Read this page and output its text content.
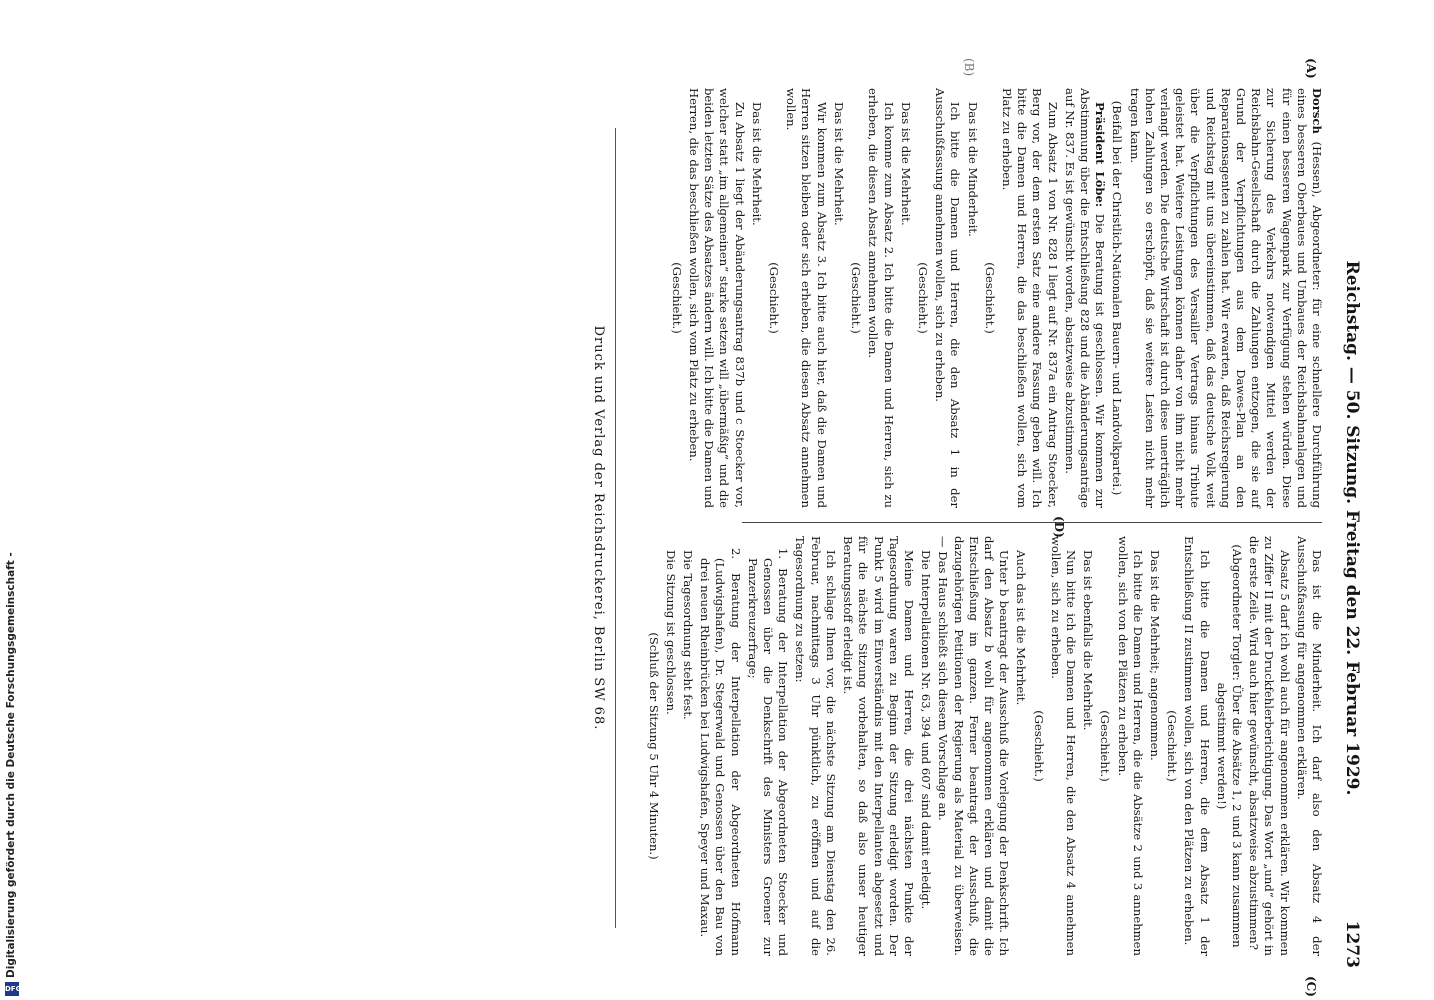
Reichstag. — 50. Sitzung. Freitag den 22. Februar 1929.
1273
(A)
(B)
(C)
(D)

Dorsch (Hessen), Abgeordneter: für eine schnellere Durchführung eines besseren Oberbaues und Umbaues der Reichsbahnanlagen und für einen besseren Wagenpark zur Verfügung stehen würden. Diese zur Sicherung des Verkehrs notwendigen Mittel werden der Reichsbahn-Gesellschaft durch die Zahlungen entzogen, die sie auf Grund der Verpflichtungen aus dem Dawes-Plan an den Reparationsagenten zu zahlen hat. Wir erwarten, daß Reichsregierung und Reichstag mit uns übereinstimmen, daß das deutsche Volk weit über die Verpflichtungen des Versailler Vertrags hinaus Tribute geleistet hat. Weitere Leistungen können daher von ihm nicht mehr verlangt werden. Die deutsche Wirtschaft ist durch diese unerträglich hohen Zahlungen so erschöpft, daß sie weitere Lasten nicht mehr tragen kann.

(Beifall bei der Christlich-Nationalen Bauern- und Landvolkpartei.)

Präsident Löbe: Die Beratung ist geschlossen. Wir kommen zur Abstimmung über die Entschließung 828 und die Abänderungsanträge auf Nr. 837. Es ist gewünscht worden, absatzweise abzustimmen.

Zum Absatz 1 von Nr. 828 I liegt auf Nr. 837a ein Antrag Stoecker, Berg vor, der dem ersten Satz eine andere Fassung geben will. Ich bitte die Damen und Herren, die das beschließen wollen, sich vom Platz zu erheben.

(Geschieht.)

Das ist die Minderheit.

Ich bitte die Damen und Herren, die den Absatz 1 in der Ausschußfassung annehmen wollen, sich zu erheben.

(Geschieht.)

Das ist die Mehrheit.

Ich komme zum Absatz 2. Ich bitte die Damen und Herren, sich zu erheben, die diesen Absatz annehmen wollen.

(Geschieht.)

Das ist die Mehrheit.

Wir kommen zum Absatz 3. Ich bitte auch hier, daß die Damen und Herren sitzen bleiben oder sich erheben, die diesen Absatz annehmen wollen.

(Geschieht.)

Das ist die Mehrheit.

Zu Absatz 1 liegt der Abänderungsantrag 837b und c Stoecker vor, welcher statt „im allgemeinen“ starke setzen will „übermäßig“ und die beiden letzten Sätze des Absatzes ändern will. Ich bitte die Damen und Herren, die das beschließen wollen, sich vom Platz zu erheben.

(Geschieht.)

Das ist die Minderheit. Ich darf also den Absatz 4 der Ausschußfassung für angenommen erklären.

Absatz 5 darf ich wohl auch für angenommen erklären. Wir kommen zu Ziffer II mit der Druckfehlerberichtigung. Das Wort „und“ gehört in die erste Zeile. Wird auch hier gewünscht, absatzweise abzustimmen?

(Abgeordneter Torgler: Über die Absätze 1, 2 und 3 kann zusammen abgestimmt werden!)

Ich bitte die Damen und Herren, die dem Absatz 1 der Entschließung II zustimmen wollen, sich von den Plätzen zu erheben.

(Geschieht.)

Das ist die Mehrheit; angenommen.

Ich bitte die Damen und Herren, die die Absätze 2 und 3 annehmen wollen, sich von den Plätzen zu erheben.

(Geschieht.)

Das ist ebenfalls die Mehrheit.

Nun bitte ich die Damen und Herren, die den Absatz 4 annehmen wollen, sich zu erheben.

(Geschieht.)

Auch das ist die Mehrheit.

Unter b beantragt der Ausschuß die Vorlegung der Denkschrift. Ich darf den Absatz b wohl für angenommen erklären und damit die Entschließung im ganzen. Ferner beantragt der Ausschuß, die dazugehörigen Petitionen der Regierung als Material zu überweisen. — Das Haus schließt sich diesem Vorschlage an.

Die Interpellationen Nr. 63, 394 und 607 sind damit erledigt.

Meine Damen und Herren, die drei nächsten Punkte der Tagesordnung waren zu Beginn der Sitzung erledigt worden. Der Punkt 5 wird im Einverständnis mit den Interpellanten abgesetzt und für die nächste Sitzung vorbehalten, so daß also unser heutiger Beratungsstoff erledigt ist.

Ich schlage Ihnen vor, die nächste Sitzung am Dienstag den 26. Februar, nachmittags 3 Uhr pünktlich, zu eröffnen und auf die Tagesordnung zu setzen:

1. Beratung der Interpellation der Abgeordneten Stoecker und Genossen über die Denkschrift des Ministers Groener zur Panzerkreuzerfrage;

2. Beratung der Interpellation der Abgeordneten Hofmann (Ludwigshafen), Dr. Stegerwald und Genossen über den Bau von drei neuen Rheinbrücken bei Ludwigshafen, Speyer und Maxau.

Die Tagesordnung steht fest.

Die Sitzung ist geschlossen.

(Schluß der Sitzung 5 Uhr 4 Minuten.)

Druck und Verlag der Reichsdruckerei, Berlin SW 68.
Digitalisierung gefördert durch die Deutsche Forschungsgemeinschaft -
DFG
